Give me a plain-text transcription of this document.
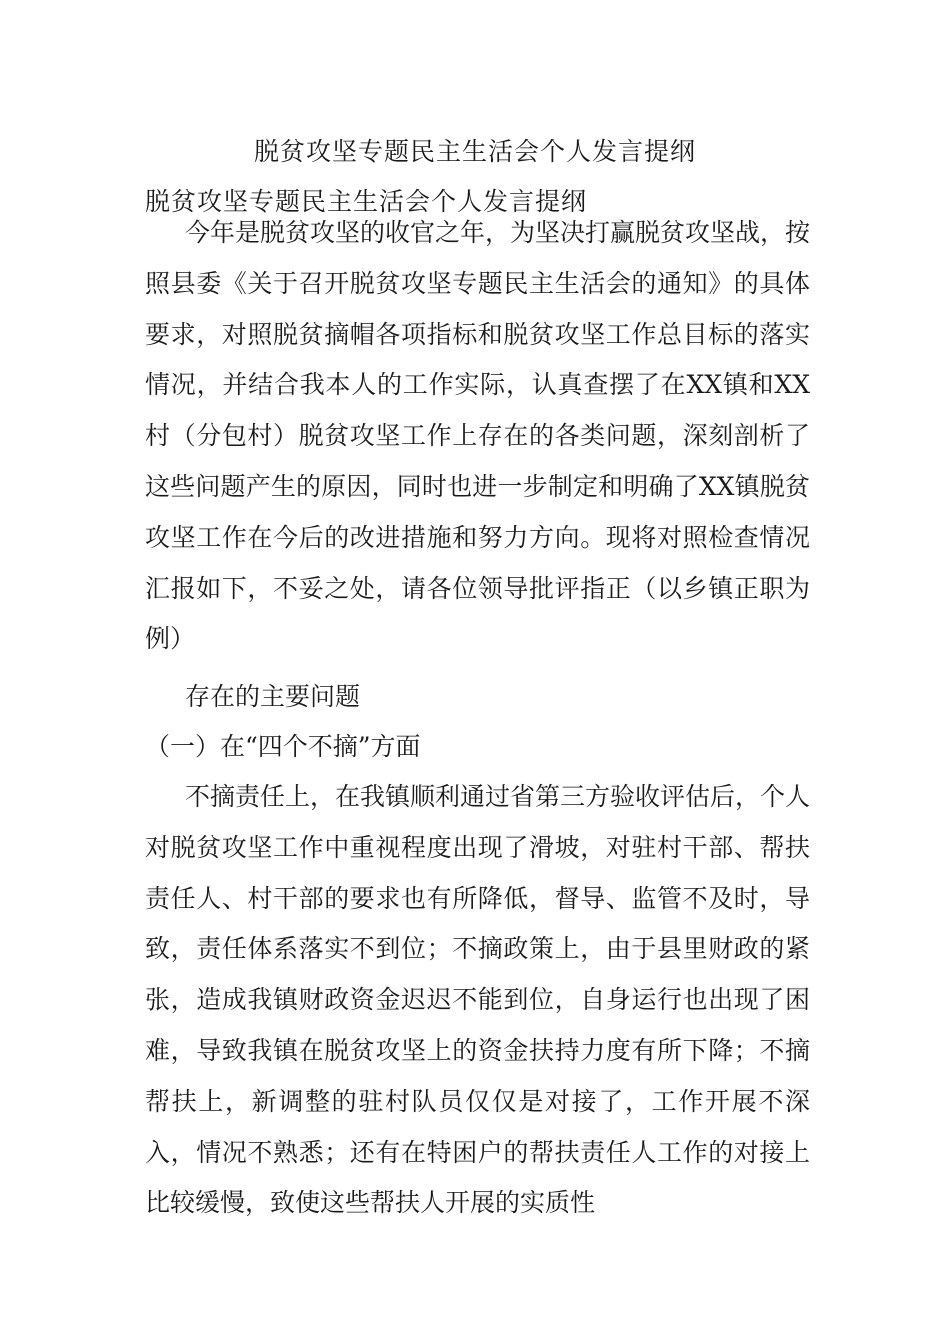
脱贫攻坚专题民主生活会个人发言提纲
脱贫攻坚专题民主生活会个人发言提纲
今年是脱贫攻坚的收官之年，为坚决打赢脱贫攻坚战，按照县委《关于召开脱贫攻坚专题民主生活会的通知》的具体要求，对照脱贫摘帽各项指标和脱贫攻坚工作总目标的落实情况，并结合我本人的工作实际，认真查摆了在XX镇和XX村（分包村）脱贫攻坚工作上存在的各类问题，深刻剖析了这些问题产生的原因，同时也进一步制定和明确了XX镇脱贫攻坚工作在今后的改进措施和努力方向。现将对照检查情况汇报如下，不妥之处，请各位领导批评指正（以乡镇正职为例）
存在的主要问题
（一）在“四个不摘”方面
不摘责任上，在我镇顺利通过省第三方验收评估后，个人对脱贫攻坚工作中重视程度出现了滑坡，对驻村干部、帮扶责任人、村干部的要求也有所降低，督导、监管不及时，导致，责任体系落实不到位；不摘政策上，由于县里财政的紧张，造成我镇财政资金迟迟不能到位，自身运行也出现了困难，导致我镇在脱贫攻坚上的资金扶持力度有所下降；不摘帮扶上，新调整的驻村队员仅仅是对接了，工作开展不深入，情况不熟悉；还有在特困户的帮扶责任人工作的对接上比较缓慢，致使这些帮扶人开展的实质性
